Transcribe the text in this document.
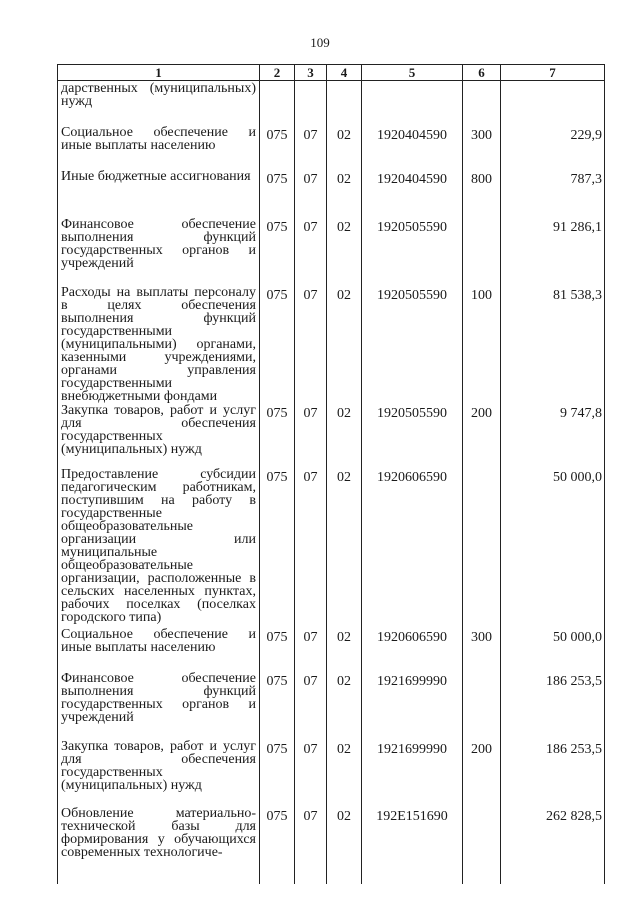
109
1	2	3	4	5	6	7

дарственных (муниципальных) нужд						

Социальное обеспечение и иные выплаты населению	075	07	02	1920404590	300	229,9

Иные бюджетные ассигнования	075	07	02	1920404590	800	787,3

Финансовое обеспечение выполнения функций государственных органов и учреждений	075	07	02	1920505590		91 286,1

Расходы на выплаты персоналу в целях обеспечения выполнения функций государственными (муниципальными) органами, казенными учреждениями, органами управления государственными внебюджетными фондами	075	07	02	1920505590	100	81 538,3

Закупка товаров, работ и услуг для обеспечения государственных (муниципальных) нужд	075	07	02	1920505590	200	9 747,8

Предоставление субсидии педагогическим работникам, поступившим на работу в государственные общеобразовательные организации или муниципальные общеобразовательные организации, расположенные в сельских населенных пунктах, рабочих поселках (поселках городского типа)	075	07	02	1920606590		50 000,0

Социальное обеспечение и иные выплаты населению	075	07	02	1920606590	300	50 000,0

Финансовое обеспечение выполнения функций государственных органов и учреждений	075	07	02	1921699990		186 253,5

Закупка товаров, работ и услуг для обеспечения государственных (муниципальных) нужд	075	07	02	1921699990	200	186 253,5

Обновление материально-технической базы для формирования у обучающихся современных технологиче-	075	07	02	192E151690		262 828,5
